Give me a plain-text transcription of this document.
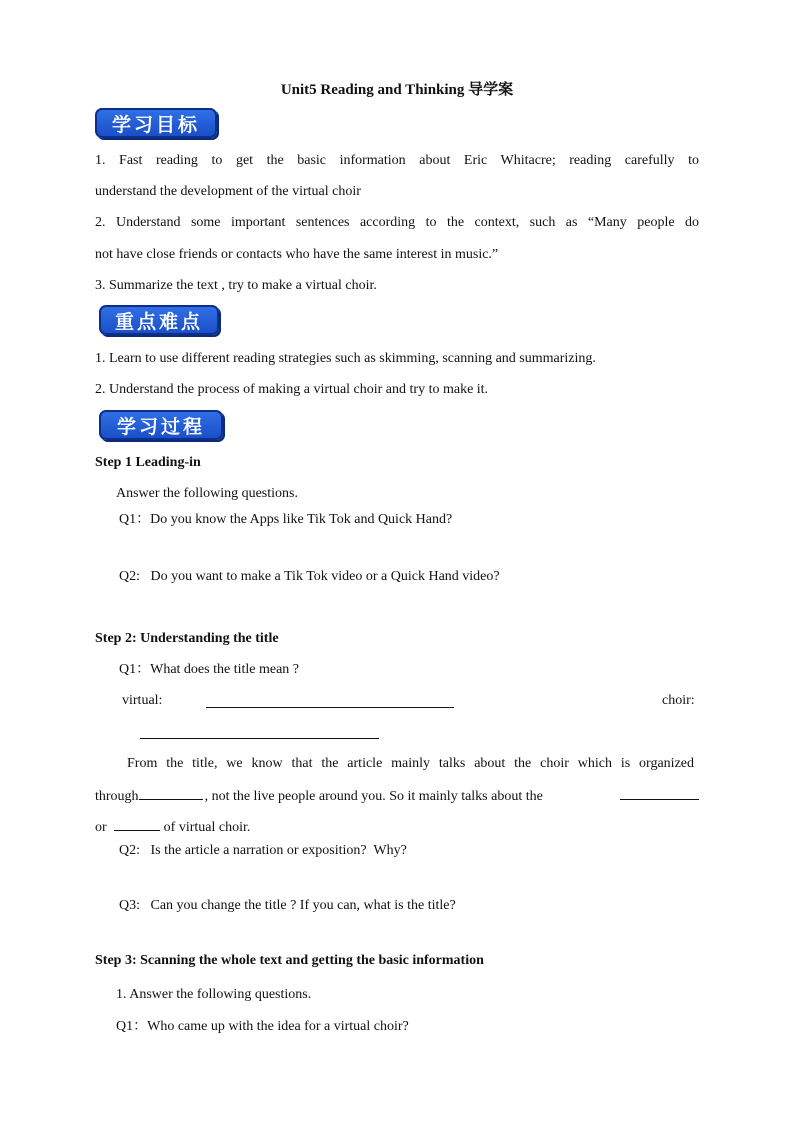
Unit5 Reading and Thinking 导学案
学习目标
1. Fast reading to get the basic information about Eric Whitacre; reading carefully to
understand the development of the virtual choir
2. Understand some important sentences according to the context, such as “Many people do
not have close friends or contacts who have the same interest in music.”
3. Summarize the text , try to make a virtual choir.
重点难点
1. Learn to use different reading strategies such as skimming, scanning and summarizing.
2. Understand the process of making a virtual choir and try to make it.
学习过程
Step 1 Leading-in
Answer the following questions.
Q1：Do you know the Apps like Tik Tok and Quick Hand?
Q2:   Do you want to make a Tik Tok video or a Quick Hand video?
Step 2: Understanding the title
Q1：What does the title mean ?
virtual:	choir:
From the title, we know that the article mainly talks about the choir which is organized
through	, not the live people around you. So it mainly talks about the
or	of virtual choir.
Q2:   Is the article a narration or exposition?  Why?
Q3:   Can you change the title ? If you can, what is the title?
Step 3: Scanning the whole text and getting the basic information
1. Answer the following questions.
Q1：Who came up with the idea for a virtual choir?
